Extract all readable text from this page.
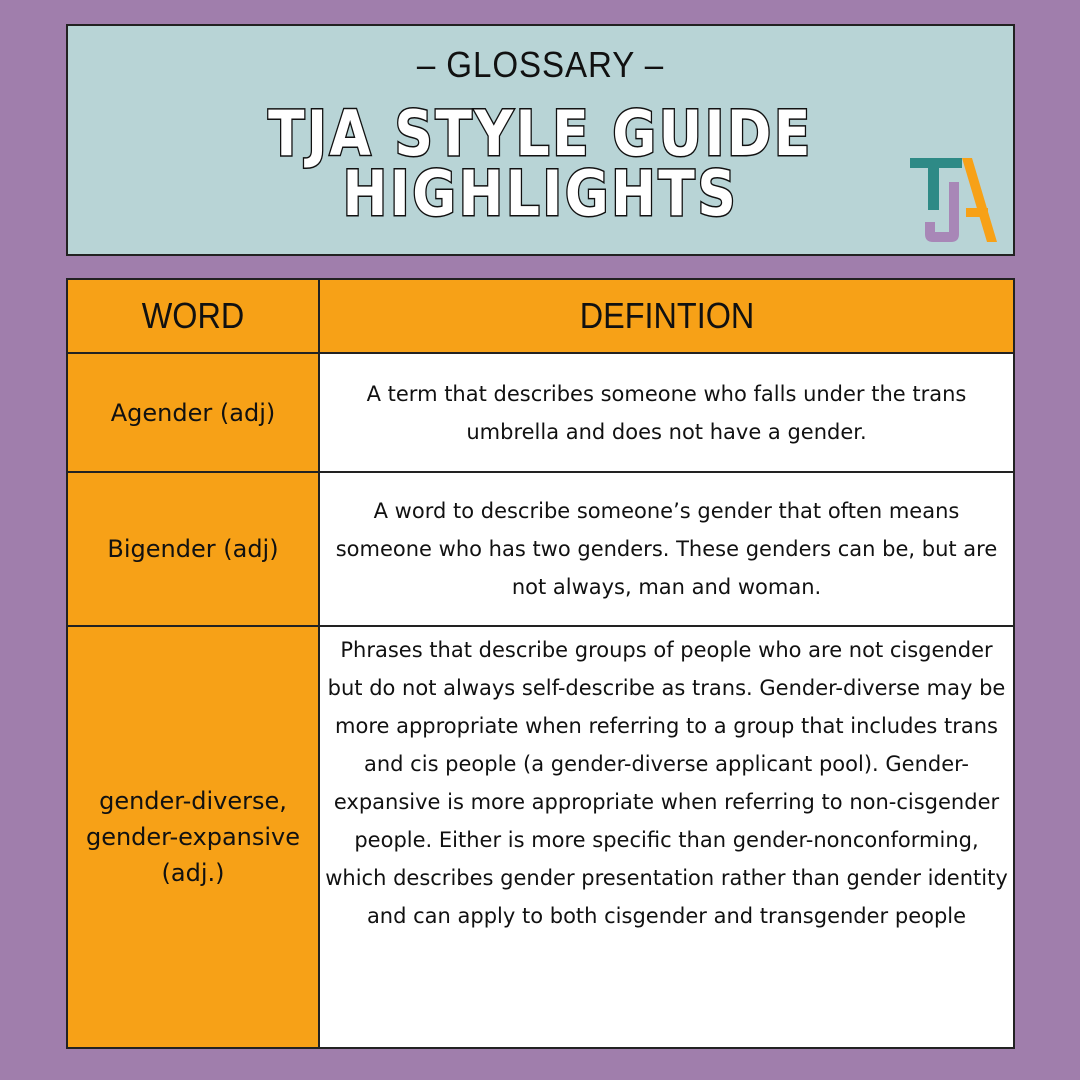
– GLOSSARY –
TJA STYLE GUIDE
HIGHLIGHTS
WORD	DEFINTION
Agender (adj)
A term that describes someone who falls under the trans umbrella and does not have a gender.
Bigender (adj)
A word to describe someone’s gender that often means someone who has two genders. These genders can be, but are not always, man and woman.
gender-diverse, gender-expansive (adj.)
Phrases that describe groups of people who are not cisgender but do not always self-describe as trans. Gender-diverse may be more appropriate when referring to a group that includes trans and cis people (a gender-diverse applicant pool). Gender-expansive is more appropriate when referring to non-cisgender people. Either is more specific than gender-nonconforming, which describes gender presentation rather than gender identity and can apply to both cisgender and transgender people
